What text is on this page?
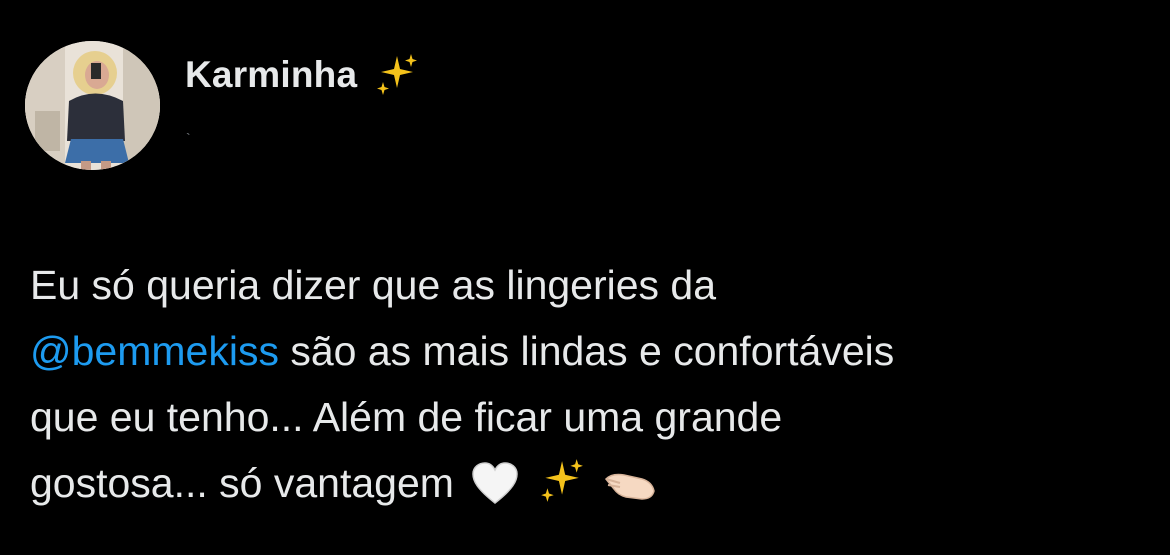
Karminha
`
Eu só queria dizer que as lingeries da
@bemmekiss são as mais lindas e confortáveis
que eu tenho... Além de ficar uma grande
gostosa... só vantagem
